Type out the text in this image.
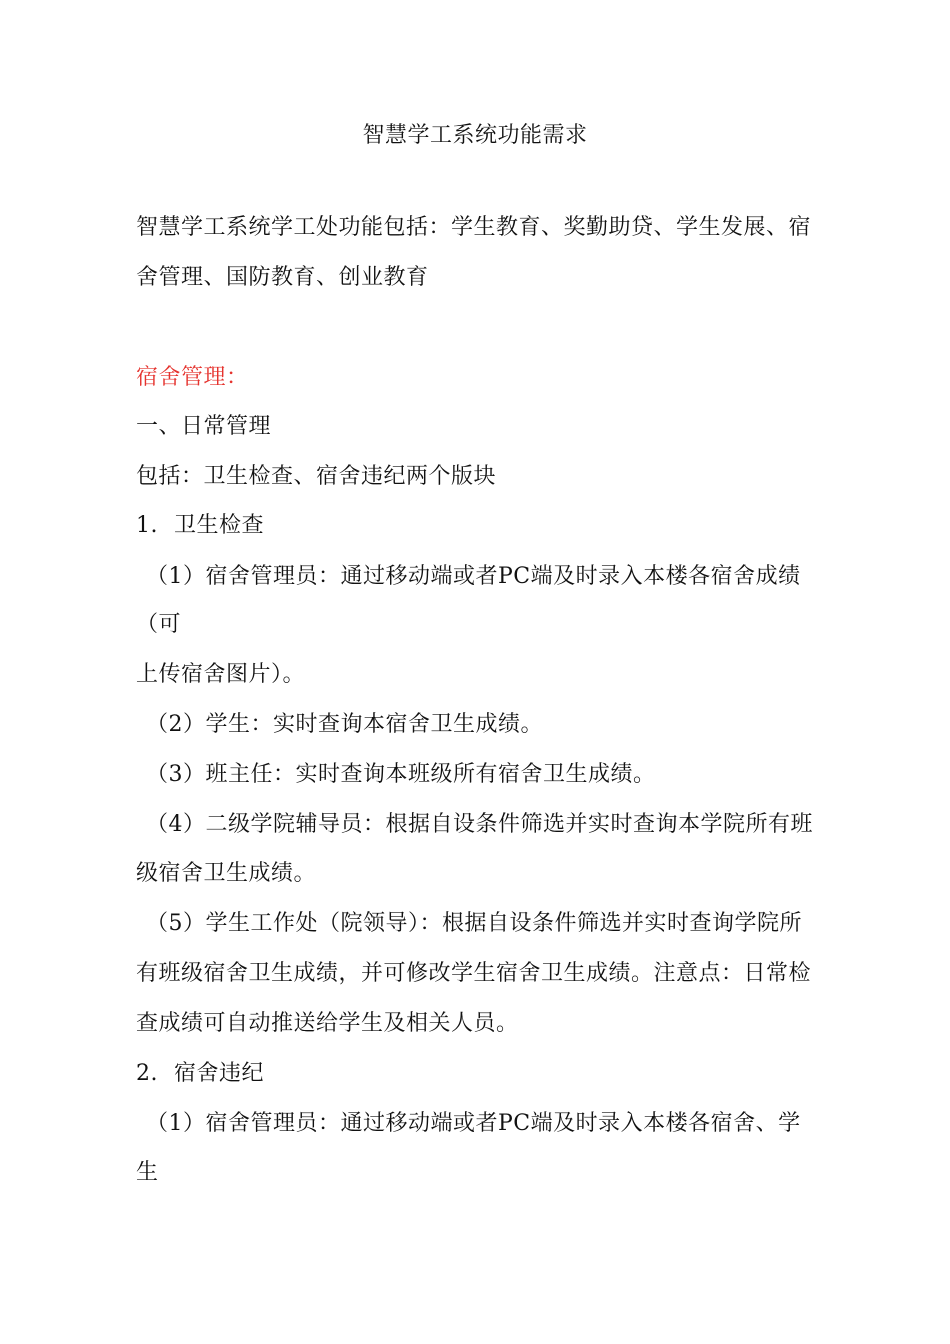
智慧学工系统功能需求
智慧学工系统学工处功能包括：学生教育、奖勤助贷、学生发展、宿
舍管理、国防教育、创业教育
宿舍管理：
一、日常管理
包括：卫生检查、宿舍违纪两个版块
1. 卫生检查
（1）宿舍管理员：通过移动端或者PC端及时录入本楼各宿舍成绩
（可
上传宿舍图片）。
（2）学生：实时查询本宿舍卫生成绩。
（3）班主任：实时查询本班级所有宿舍卫生成绩。
（4）二级学院辅导员：根据自设条件筛选并实时查询本学院所有班
级宿舍卫生成绩。
（5）学生工作处（院领导）：根据自设条件筛选并实时查询学院所
有班级宿舍卫生成绩，并可修改学生宿舍卫生成绩。注意点：日常检
查成绩可自动推送给学生及相关人员。
2. 宿舍违纪
（1）宿舍管理员：通过移动端或者PC端及时录入本楼各宿舍、学
生
